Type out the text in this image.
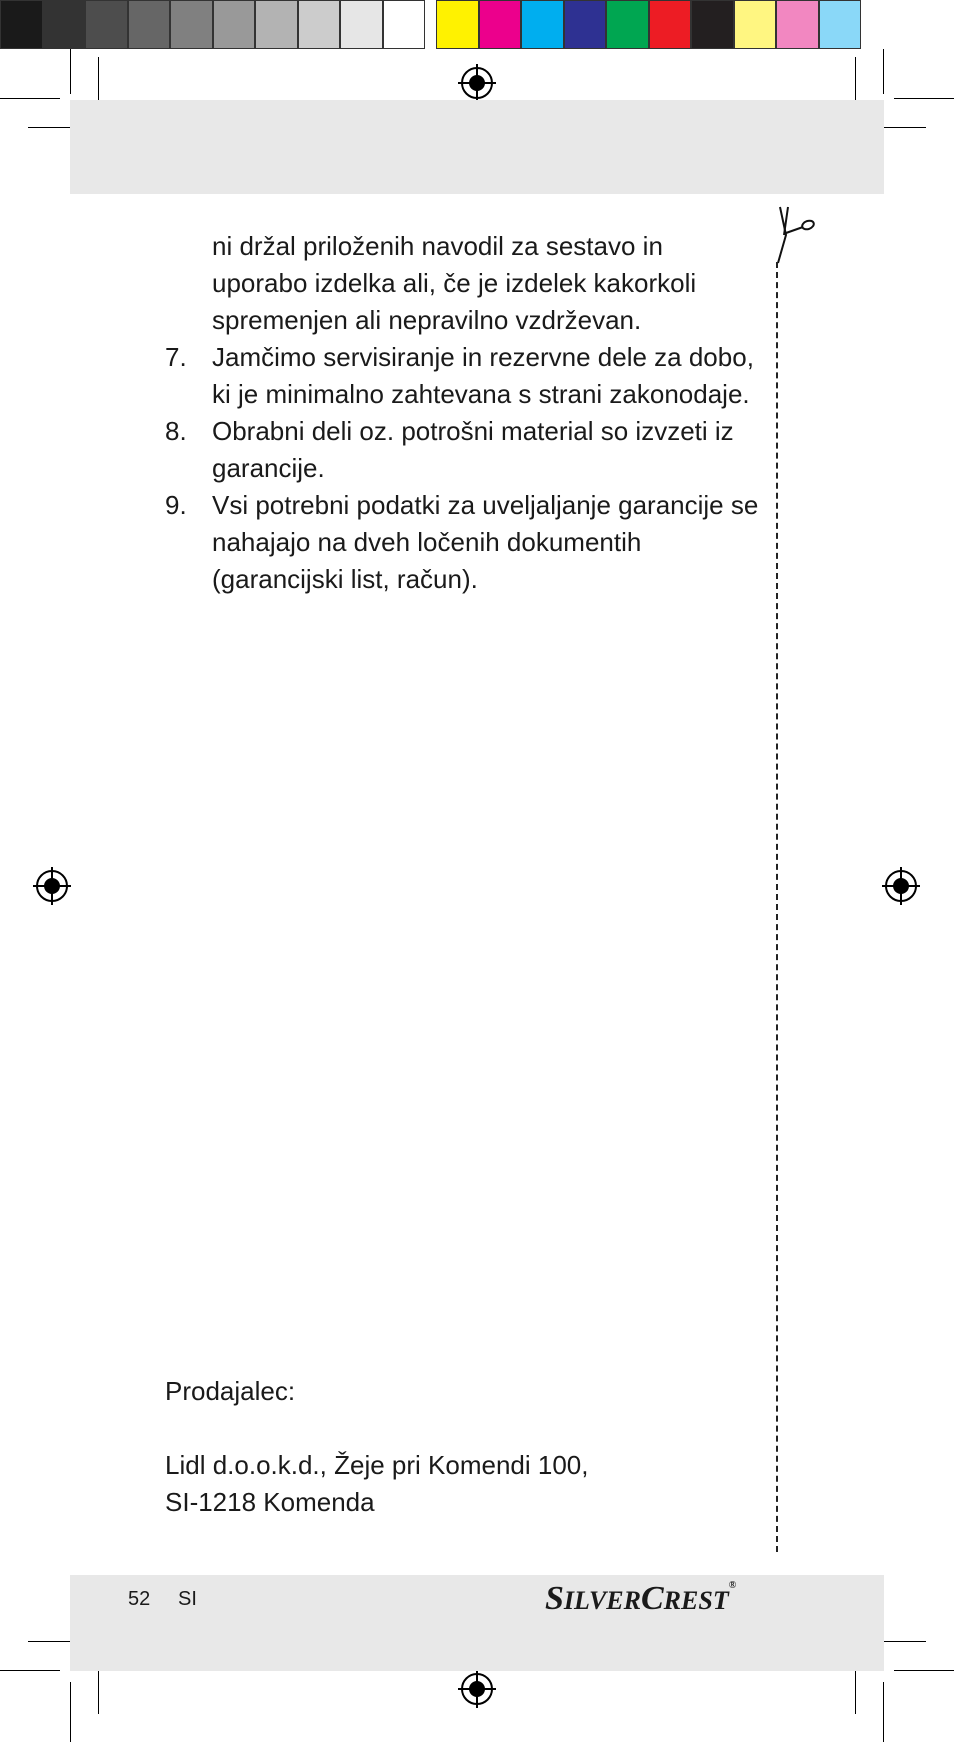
ni držal priloženih navodil za sestavo in uporabo izdelka ali, če je izdelek kakorkoli spremenjen ali nepravilno vzdrževan.

7. Jamčimo servisiranje in rezervne dele za dobo, ki je minimalno zahtevana s strani zakonodaje.
8. Obrabni deli oz. potrošni material so izvzeti iz garancije.
9. Vsi potrebni podatki za uveljaljanje garancije se nahajajo na dveh ločenih dokumentih (garancijski list, račun).

Prodajalec:

Lidl d.o.o.k.d., Žeje pri Komendi 100,

SI-1218 Komenda

52 SI	SILVERCREST®
